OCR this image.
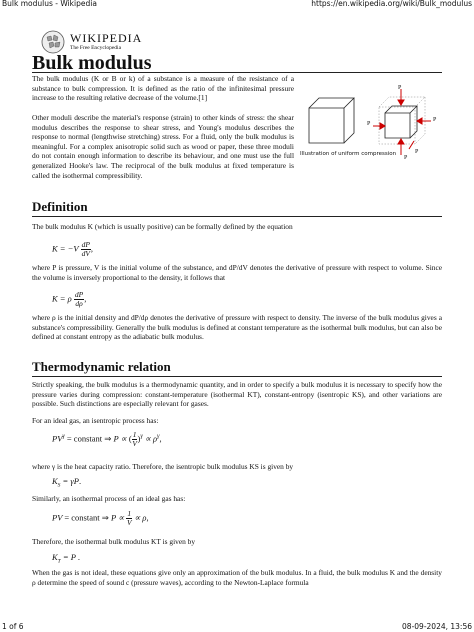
Bulk modulus - Wikipedia	https://en.wikipedia.org/wiki/Bulk_modulus
WIKIPEDIA
The Free Encyclopedia
Bulk modulus
The bulk modulus (K or B or k) of a substance is a measure of the resistance of a substance to bulk compression. It is defined as the ratio of the infinitesimal pressure increase to the resulting relative decrease of the volume.[1]
Other moduli describe the material's response (strain) to other kinds of stress: the shear modulus describes the response to shear stress, and Young's modulus describes the response to normal (lengthwise stretching) stress. For a fluid, only the bulk modulus is meaningful. For a complex anisotropic solid such as wood or paper, these three moduli do not contain enough information to describe its behaviour, and one must use the full generalized Hooke's law. The reciprocal of the bulk modulus at fixed temperature is called the isothermal compressibility.
P
P
P
P
P
Illustration of uniform compression
Definition
The bulk modulus K (which is usually positive) can be formally defined by the equation
$K = -V \frac{dP}{dV}$ ,
where P is pressure, V is the initial volume of the substance, and dP/dV denotes the derivative of pressure with respect to volume. Since the volume is inversely proportional to the density, it follows that
K = ρ $\frac{dP}{d\rho}$ ,
where ρ is the initial density and dP/dρ denotes the derivative of pressure with respect to density. The inverse of the bulk modulus gives a substance's compressibility. Generally the bulk modulus is defined at constant temperature as the isothermal bulk modulus, but can also be defined at constant entropy as the adiabatic bulk modulus.
Thermodynamic relation
Strictly speaking, the bulk modulus is a thermodynamic quantity, and in order to specify a bulk modulus it is necessary to specify how the pressure varies during compression: constant-temperature (isothermal KT), constant-entropy (isentropic KS), and other variations are possible. Such distinctions are especially relevant for gases.
For an ideal gas, an isentropic process has:
$PV^\gamma$ = constant ⇒ P ∝ ( $\frac{1}{V} )^\gamma \propto \rho^\gamma$,
where γ is the heat capacity ratio. Therefore, the isentropic bulk modulus KS is given by
$K_S = \gamma P$.
Similarly, an isothermal process of an ideal gas has:
PV = constant ⇒ $P \propto \frac{1}{V} \propto \rho$,
Therefore, the isothermal bulk modulus KT is given by
$K_T = P$ .
When the gas is not ideal, these equations give only an approximation of the bulk modulus. In a fluid, the bulk modulus K and the density ρ determine the speed of sound c (pressure waves), according to the Newton-Laplace formula
1 of 6	08-09-2024, 13:56
